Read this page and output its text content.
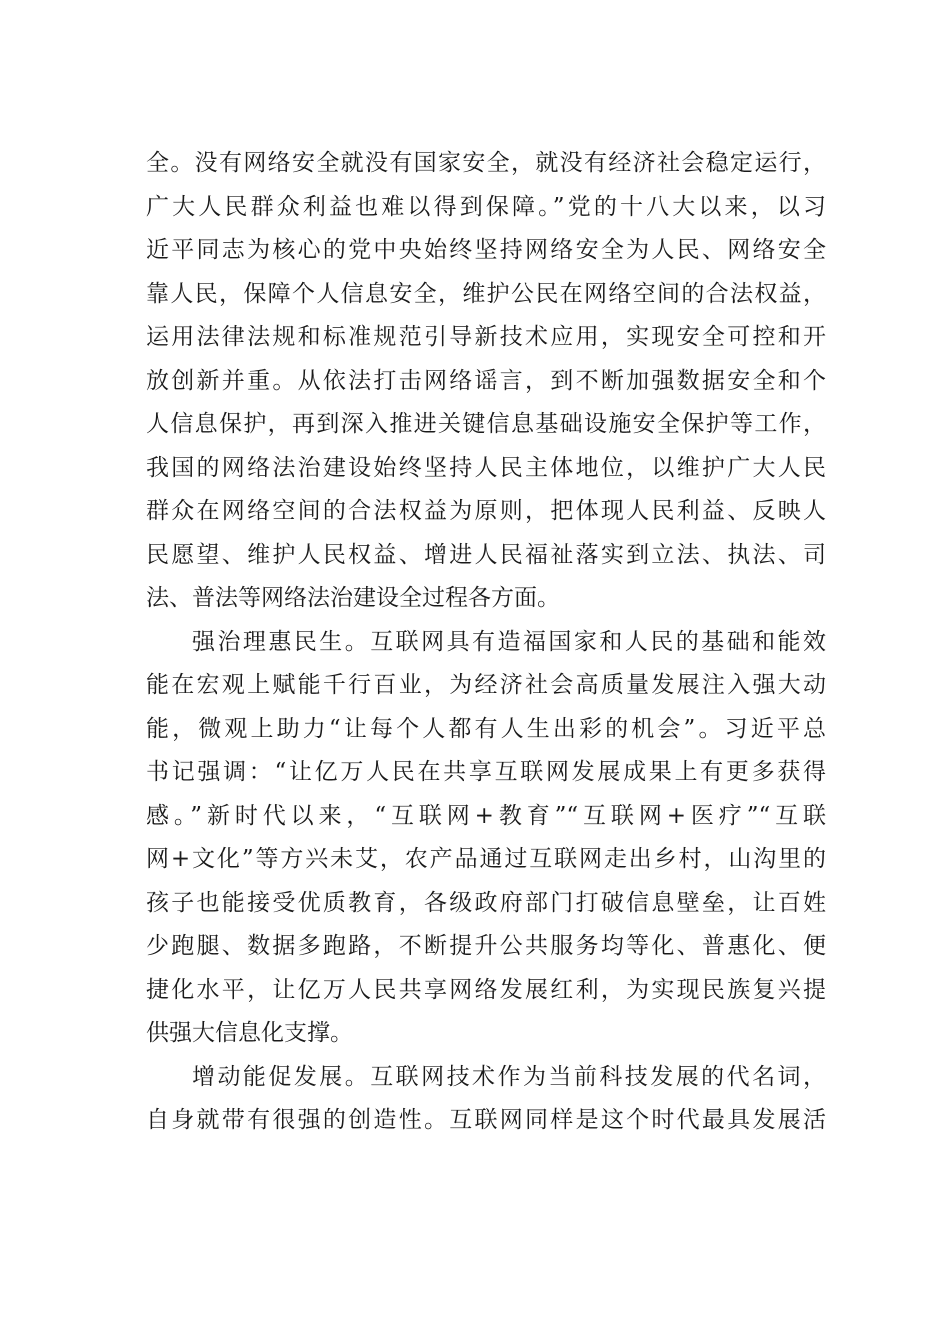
全。没有网络安全就没有国家安全，就没有经济社会稳定运行，
广大人民群众利益也难以得到保障。”党的十八大以来，以习
近平同志为核心的党中央始终坚持网络安全为人民、网络安全
靠人民，保障个人信息安全，维护公民在网络空间的合法权益，
运用法律法规和标准规范引导新技术应用，实现安全可控和开
放创新并重。从依法打击网络谣言，到不断加强数据安全和个
人信息保护，再到深入推进关键信息基础设施安全保护等工作，
我国的网络法治建设始终坚持人民主体地位，以维护广大人民
群众在网络空间的合法权益为原则，把体现人民利益、反映人
民愿望、维护人民权益、增进人民福祉落实到立法、执法、司
法、普法等网络法治建设全过程各方面。
强治理惠民生。互联网具有造福国家和人民的基础和能效
能在宏观上赋能千行百业，为经济社会高质量发展注入强大动
能，微观上助力“让每个人都有人生出彩的机会”。习近平总
书记强调：“让亿万人民在共享互联网发展成果上有更多获得
感。”新时代以来，“互联网+教育”“互联网+医疗”“互联
网+文化”等方兴未艾，农产品通过互联网走出乡村，山沟里的
孩子也能接受优质教育，各级政府部门打破信息壁垒，让百姓
少跑腿、数据多跑路，不断提升公共服务均等化、普惠化、便
捷化水平，让亿万人民共享网络发展红利，为实现民族复兴提
供强大信息化支撑。
增动能促发展。互联网技术作为当前科技发展的代名词，
自身就带有很强的创造性。互联网同样是这个时代最具发展活
